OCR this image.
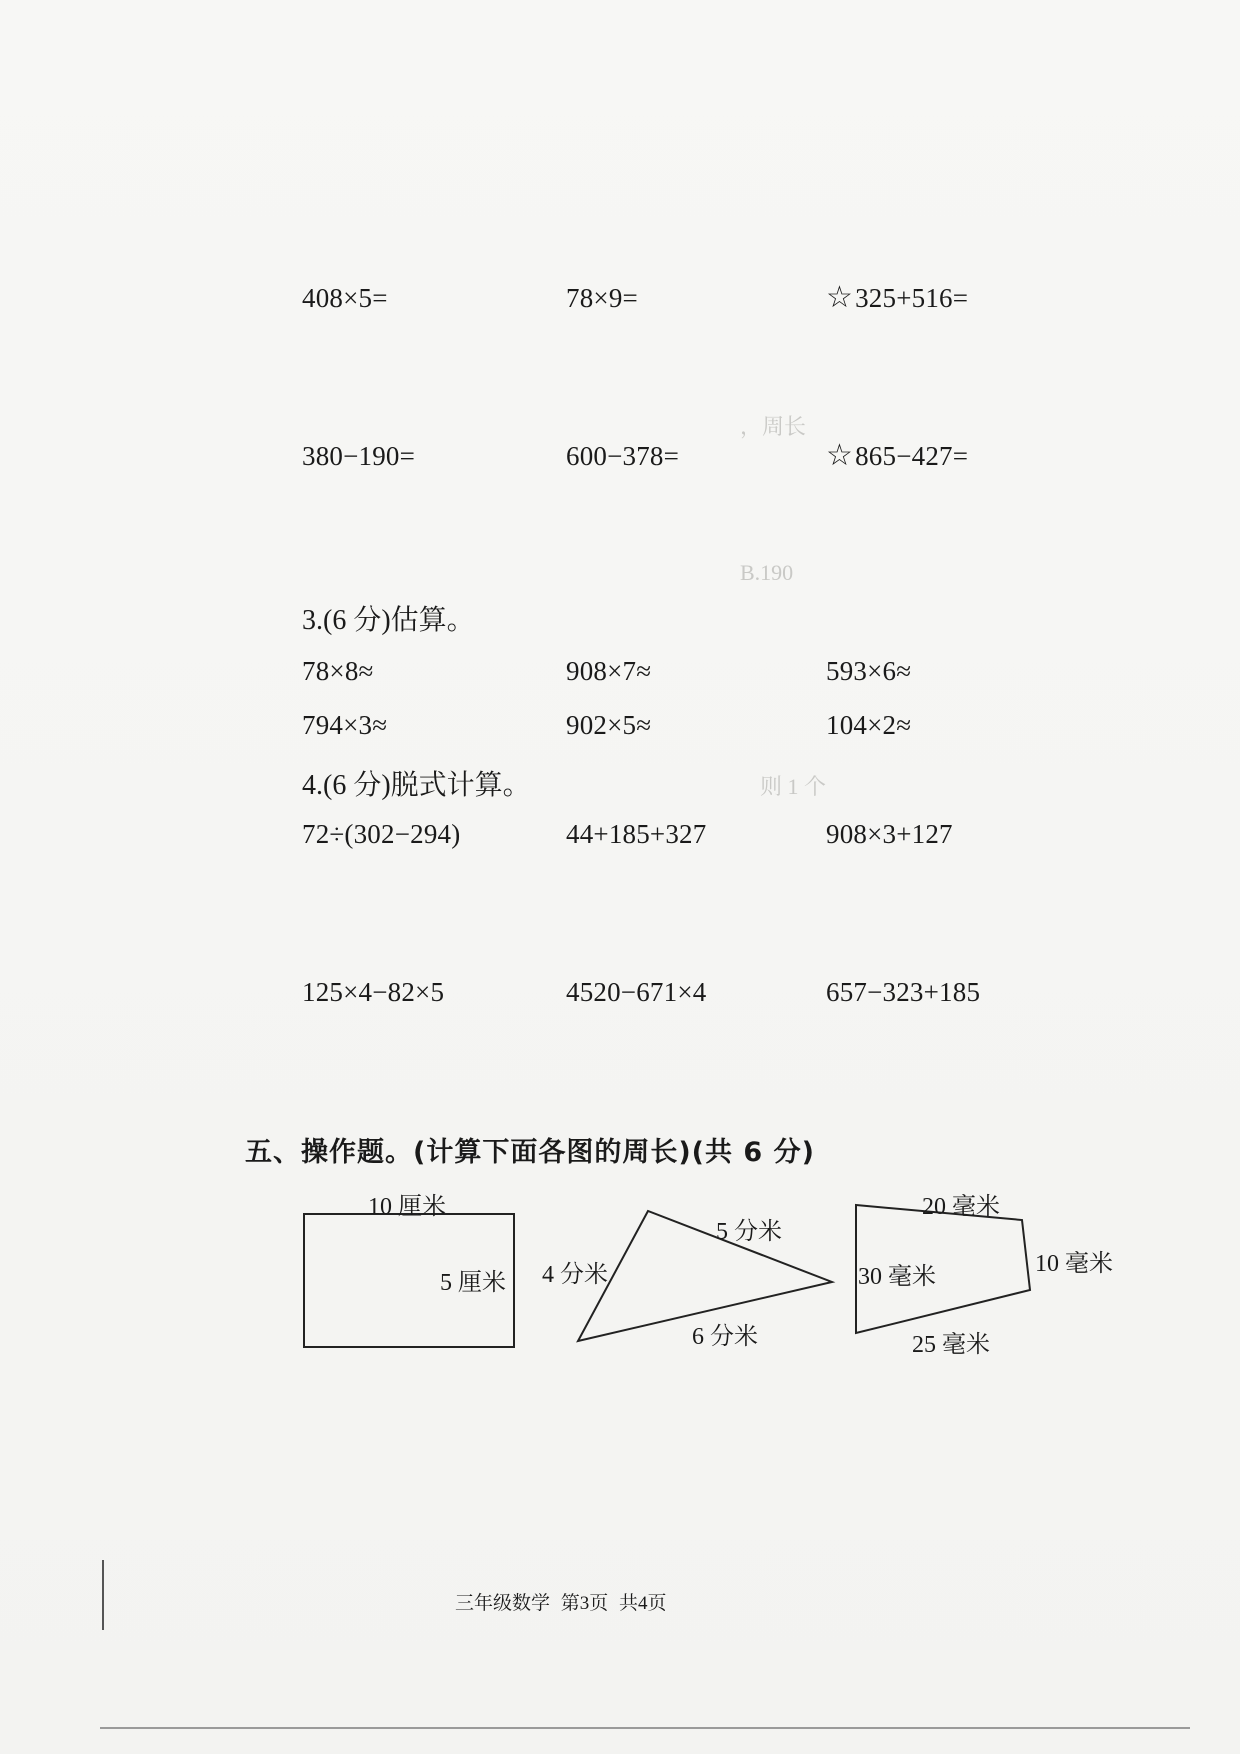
，周长
B.190
则 1 个
408×5=	78×9=	☆325+516=
380−190=	600−378=	☆865−427=
3.(6 分)估算。
78×8≈	908×7≈	593×6≈
794×3≈	902×5≈	104×2≈
4.(6 分)脱式计算。
72÷(302−294)	44+185+327	908×3+127
125×4−82×5	4520−671×4	657−323+185
五、操作题。(计算下面各图的周长)(共 6 分)
10 厘米
5 厘米 4 分米
5 分米
6 分米
20 毫米
30 毫米	10 毫米
25 毫米
三年级数学 第3页 共4页
